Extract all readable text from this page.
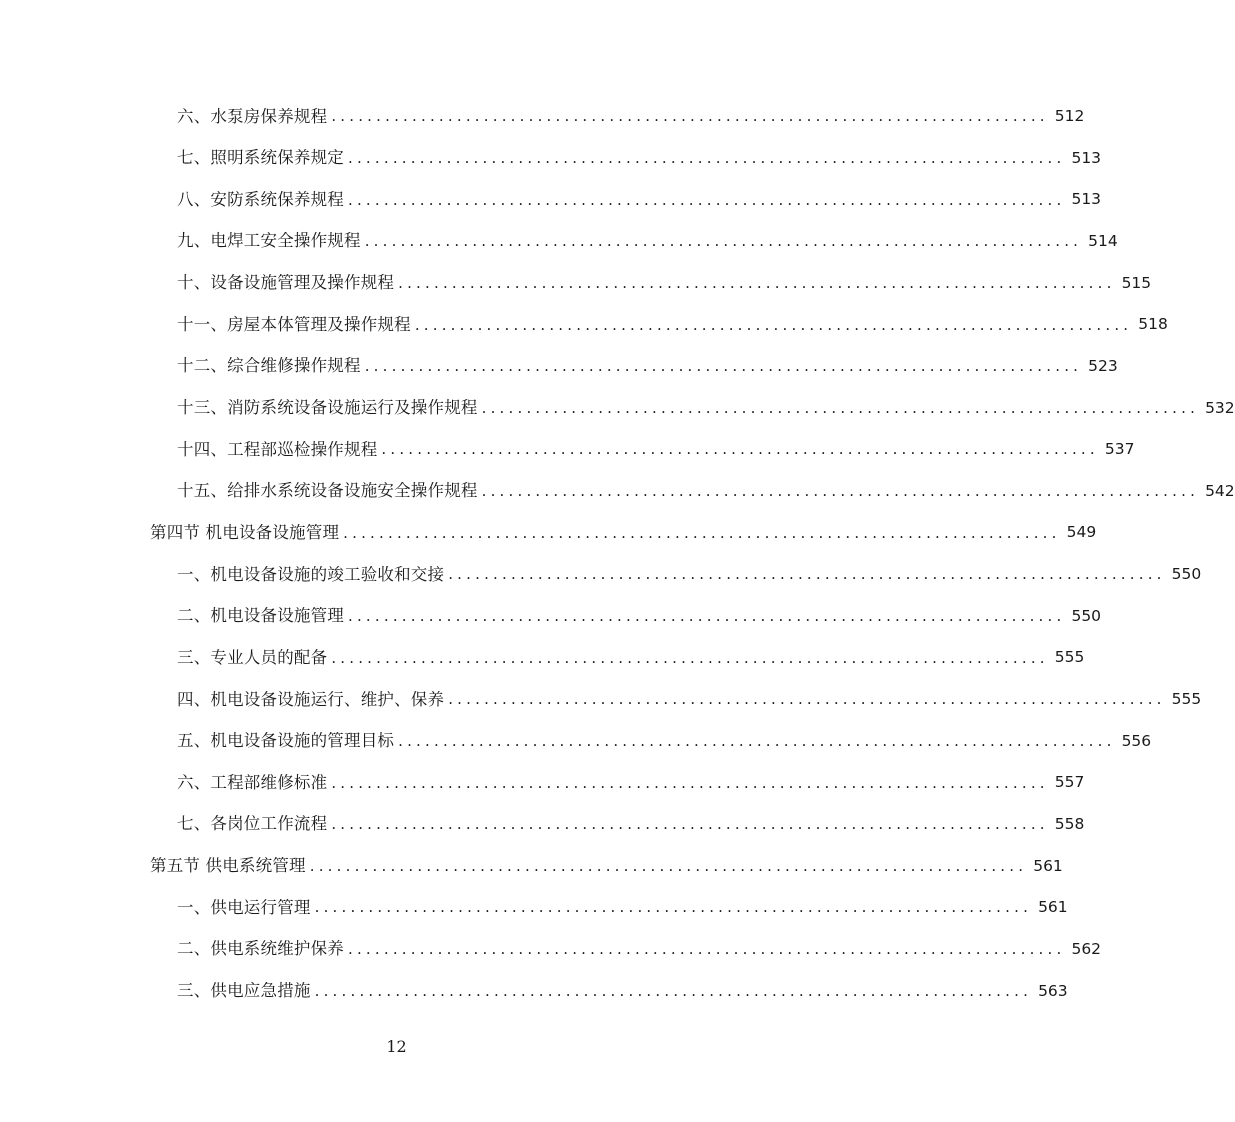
六、水泵房保养规程 ................................................................................ 512
七、照明系统保养规定 ................................................................................ 513
八、安防系统保养规程 ................................................................................ 513
九、电焊工安全操作规程 ................................................................................ 514
十、设备设施管理及操作规程 ................................................................................ 515
十一、房屋本体管理及操作规程 ................................................................................ 518
十二、综合维修操作规程 ................................................................................ 523
十三、消防系统设备设施运行及操作规程 ................................................................................ 532
十四、工程部巡检操作规程 ................................................................................ 537
十五、给排水系统设备设施安全操作规程 ................................................................................ 542
第四节 机电设备设施管理 ................................................................................ 549
一、机电设备设施的竣工验收和交接 ................................................................................ 550
二、机电设备设施管理 ................................................................................ 550
三、专业人员的配备 ................................................................................ 555
四、机电设备设施运行、维护、保养 ................................................................................ 555
五、机电设备设施的管理目标 ................................................................................ 556
六、工程部维修标准 ................................................................................ 557
七、各岗位工作流程 ................................................................................ 558
第五节 供电系统管理 ................................................................................ 561
一、供电运行管理 ................................................................................ 561
二、供电系统维护保养 ................................................................................ 562
三、供电应急措施 ................................................................................ 563
12
